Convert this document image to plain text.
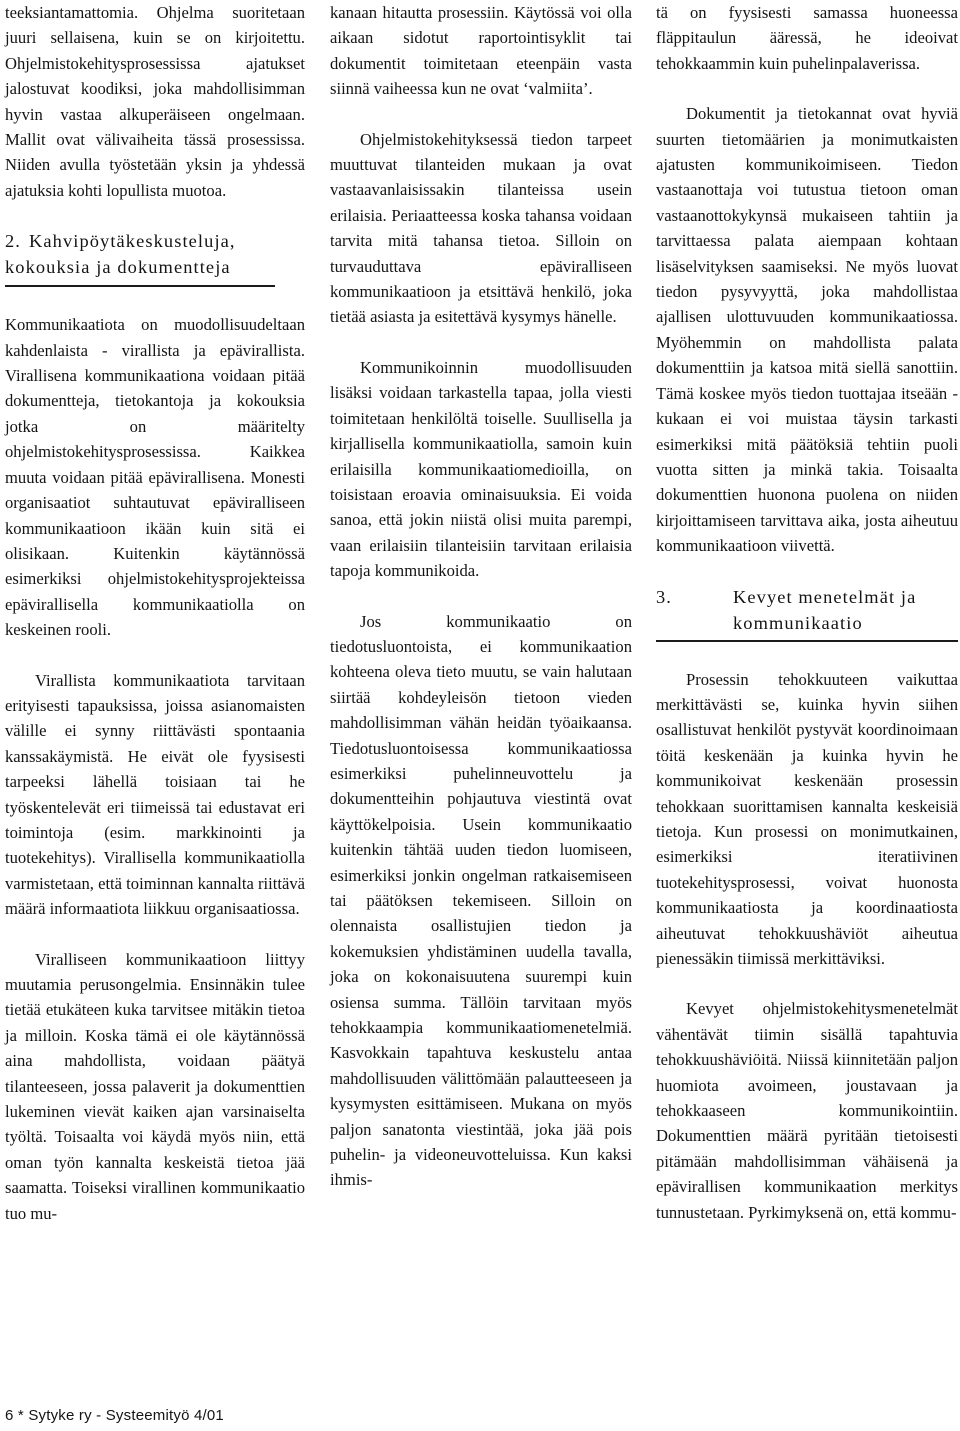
teeksiantamattomia. Ohjelma suoritetaan juuri sellaisena, kuin se on kirjoitettu. Ohjelmistokehitysprosessissa ajatukset jalostuvat koodiksi, joka mahdollisimman hyvin vastaa alkuperäiseen ongelmaan. Mallit ovat välivaiheita tässä prosessissa. Niiden avulla työstetään yksin ja yhdessä ajatuksia kohti lopullista muotoa.

2. Kahvipöytäkeskusteluja,
kokouksia ja dokumentteja

Kommunikaatiota on muodollisuudeltaan kahdenlaista - virallista ja epävirallista. Virallisena kommunikaationa voidaan pitää dokumentteja, tietokantoja ja kokouksia jotka on määritelty ohjelmistokehitysprosessissa. Kaikkea muuta voidaan pitää epävirallisena. Monesti organisaatiot suhtautuvat epäviralliseen kommunikaatioon ikään kuin sitä ei olisikaan. Kuitenkin käytännössä esimerkiksi ohjelmistokehitysprojekteissa epävirallisella kommunikaatiolla on keskeinen rooli.

Virallista kommunikaatiota tarvitaan erityisesti tapauksissa, joissa asianomaisten välille ei synny riittävästi spontaania kanssakäymistä. He eivät ole fyysisesti tarpeeksi lähellä toisiaan tai he työskentelevät eri tiimeissä tai edustavat eri toimintoja (esim. markkinointi ja tuotekehitys). Virallisella kommunikaatiolla varmistetaan, että toiminnan kannalta riittävä määrä informaatiota liikkuu organisaatiossa.

Viralliseen kommunikaatioon liittyy muutamia perusongelmia. Ensinnäkin tulee tietää etukäteen kuka tarvitsee mitäkin tietoa ja milloin. Koska tämä ei ole käytännössä aina mahdollista, voidaan päätyä tilanteeseen, jossa palaverit ja dokumenttien lukeminen vievät kaiken ajan varsinaiselta työltä. Toisaalta voi käydä myös niin, että oman työn kannalta keskeistä tietoa jää saamatta. Toiseksi virallinen kommunikaatio tuo mu-

kanaan hitautta prosessiin. Käytössä voi olla aikaan sidotut raportointisyklit tai dokumentit toimitetaan eteenpäin vasta siinnä vaiheessa kun ne ovat ‘valmiita’.

Ohjelmistokehityksessä tiedon tarpeet muuttuvat tilanteiden mukaan ja ovat vastaavanlaisissakin tilanteissa usein erilaisia. Periaatteessa koska tahansa voidaan tarvita mitä tahansa tietoa. Silloin on turvauduttava epäviralliseen kommunikaatioon ja etsittävä henkilö, joka tietää asiasta ja esitettävä kysymys hänelle.

Kommunikoinnin muodollisuuden lisäksi voidaan tarkastella tapaa, jolla viesti toimitetaan henkilöltä toiselle. Suullisella ja kirjallisella kommunikaatiolla, samoin kuin erilaisilla kommunikaatiomedioilla, on toisistaan eroavia ominaisuuksia. Ei voida sanoa, että jokin niistä olisi muita parempi, vaan erilaisiin tilanteisiin tarvitaan erilaisia tapoja kommunikoida.

Jos kommunikaatio on tiedotusluontoista, ei kommunikaation kohteena oleva tieto muutu, se vain halutaan siirtää kohdeyleisön tietoon vieden mahdollisimman vähän heidän työaikaansa. Tiedotusluontoisessa kommunikaatiossa esimerkiksi puhelinneuvottelu ja dokumentteihin pohjautuva viestintä ovat käyttökelpoisia. Usein kommunikaatio kuitenkin tähtää uuden tiedon luomiseen, esimerkiksi jonkin ongelman ratkaisemiseen tai päätöksen tekemiseen. Silloin on olennaista osallistujien tiedon ja kokemuksien yhdistäminen uudella tavalla, joka on kokonaisuutena suurempi kuin osiensa summa. Tällöin tarvitaan myös tehokkaampia kommunikaatiomenetelmiä. Kasvokkain tapahtuva keskustelu antaa mahdollisuuden välittömään palautteeseen ja kysymysten esittämiseen. Mukana on myös paljon sanatonta viestintää, joka jää pois puhelin- ja videoneuvotteluissa. Kun kaksi ihmis-

tä on fyysisesti samassa huoneessa fläppitaulun ääressä, he ideoivat tehokkaammin kuin puhelinpalaverissa.

Dokumentit ja tietokannat ovat hyviä suurten tietomäärien ja monimutkaisten ajatusten kommunikoimiseen. Tiedon vastaanottaja voi tutustua tietoon oman vastaanottokykynsä mukaiseen tahtiin ja tarvittaessa palata aiempaan kohtaan lisäselvityksen saamiseksi. Ne myös luovat tiedon pysyvyyttä, joka mahdollistaa ajallisen ulottuvuuden kommunikaatiossa. Myöhemmin on mahdollista palata dokumenttiin ja katsoa mitä siellä sanottiin. Tämä koskee myös tiedon tuottajaa itseään - kukaan ei voi muistaa täysin tarkasti esimerkiksi mitä päätöksiä tehtiin puoli vuotta sitten ja minkä takia. Toisaalta dokumenttien huonona puolena on niiden kirjoittamiseen tarvittava aika, josta aiheutuu kommunikaatioon viivettä.

3.	Kevyet menetelmät ja
kommunikaatio

Prosessin tehokkuuteen vaikuttaa merkittävästi se, kuinka hyvin siihen osallistuvat henkilöt pystyvät koordinoimaan töitä keskenään ja kuinka hyvin he kommunikoivat keskenään prosessin tehokkaan suorittamisen kannalta keskeisiä tietoja. Kun prosessi on monimutkainen, esimerkiksi iteratiivinen tuotekehitysprosessi, voivat huonosta kommunikaatiosta ja koordinaatiosta aiheutuvat tehokkuushäviöt aiheutua pienessäkin tiimissä merkittäviksi.

Kevyet ohjelmistokehitysmenetelmät vähentävät tiimin sisällä tapahtuvia tehokkuushäviöitä. Niissä kiinnitetään paljon huomiota avoimeen, joustavaan ja tehokkaaseen kommunikointiin. Dokumenttien määrä pyritään tietoisesti pitämään mahdollisimman vähäisenä ja epävirallisen kommunikaation merkitys tunnustetaan. Pyrkimyksenä on, että kommu-

6 * Sytyke ry - Systeemityö 4/01
